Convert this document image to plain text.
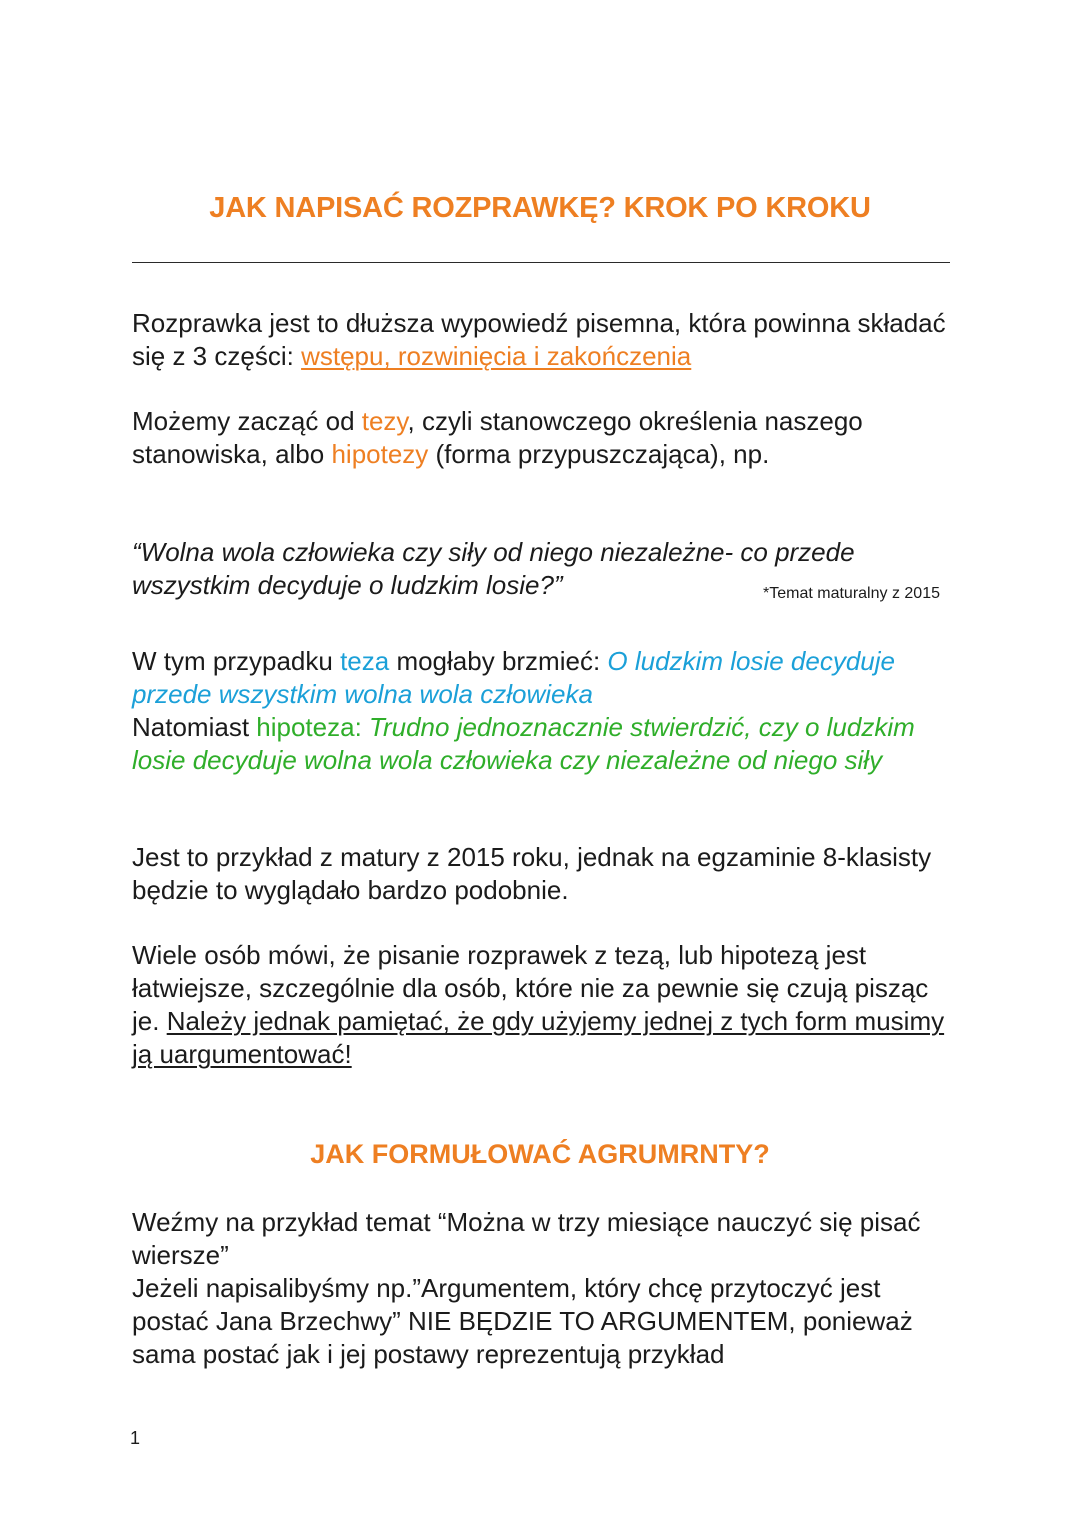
JAK NAPISAĆ ROZPRAWKĘ? KROK PO KROKU

Rozprawka jest to dłuższa wypowiedź pisemna, która powinna składać się z 3 części: wstępu, rozwinięcia i zakończenia

Możemy zacząć od tezy, czyli stanowczego określenia naszego stanowiska, albo hipotezy (forma przypuszczająca), np.

“Wolna wola człowieka czy siły od niego niezależne- co przede wszystkim decyduje o ludzkim losie?”	*Temat maturalny z 2015

W tym przypadku teza mogłaby brzmieć: O ludzkim losie decyduje przede wszystkim wolna wola człowieka

Natomiast hipoteza: Trudno jednoznacznie stwierdzić, czy o ludzkim losie decyduje wolna wola człowieka czy niezależne od niego siły

Jest to przykład z matury z 2015 roku, jednak na egzaminie 8-klasisty będzie to wyglądało bardzo podobnie.

Wiele osób mówi, że pisanie rozprawek z tezą, lub hipotezą jest łatwiejsze, szczególnie dla osób, które nie za pewnie się czują pisząc je. Należy jednak pamiętać, że gdy użyjemy jednej z tych form musimy ją uargumentować!

JAK FORMUŁOWAĆ AGRUMRNTY?

Weźmy na przykład temat “Można w trzy miesiące nauczyć się pisać wiersze”

Jeżeli napisalibyśmy np.”Argumentem, który chcę przytoczyć jest postać Jana Brzechwy” NIE BĘDZIE TO ARGUMENTEM, ponieważ sama postać jak i jej postawy reprezentują przykład

1
